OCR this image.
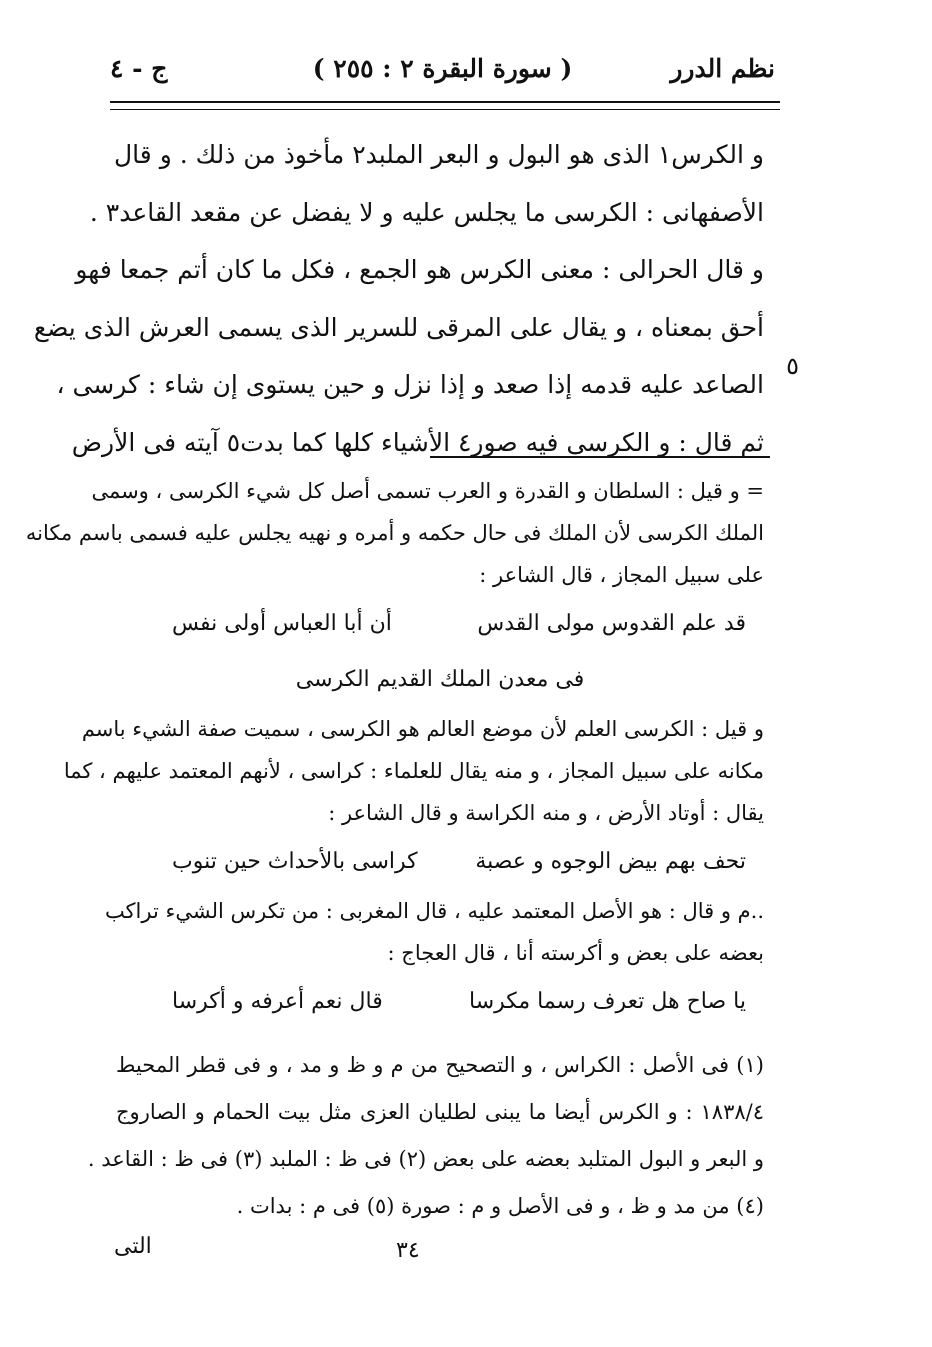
نظم الدرر
( سورة البقرة ٢ : ٢٥٥ )
ج - ٤
و الكرس١ الذى هو البول و البعر الملبد٢ مأخوذ من ذلك . و قال
الأصفهانى : الكرسى ما يجلس عليه و لا يفضل عن مقعد القاعد٣ .
و قال الحرالى : معنى الكرس هو الجمع ، فكل ما كان أتم جمعا فهو
أحق بمعناه ، و يقال على المرقى للسرير الذى يسمى العرش الذى يضع
الصاعد عليه قدمه إذا صعد و إذا نزل و حين يستوى إن شاء : كرسى ،
ثم قال : و الكرسى فيه صور٤ الأشياء كلها كما بدت٥ آيته فى الأرض
٥
= و قيل : السلطان و القدرة و العرب تسمى أصل كل شيء الكرسى ، وسمى
الملك الكرسى لأن الملك فى حال حكمه و أمره و نهيه يجلس عليه فسمى باسم مكانه
على سبيل المجاز ، قال الشاعر :
قد علم القدوس مولى القدس
أن أبا العباس أولى نفس
فى معدن الملك القديم الكرسى
و قيل : الكرسى العلم لأن موضع العالم هو الكرسى ، سميت صفة الشيء باسم
مكانه على سبيل المجاز ، و منه يقال للعلماء : كراسى ، لأنهم المعتمد عليهم ، كما
يقال : أوتاد الأرض ، و منه الكراسة و قال الشاعر :
تحف بهم بيض الوجوه و عصبة
كراسى بالأحداث حين تنوب
..م و قال : هو الأصل المعتمد عليه ، قال المغربى : من تكرس الشيء تراكب
بعضه على بعض و أكرسته أنا ، قال العجاج :
يا صاح هل تعرف رسما مكرسا
قال نعم أعرفه و أكرسا
(١) فى الأصل : الكراس ، و التصحيح من م و ظ و مد ، و فى قطر المحيط
١٨٣٨/٤ : و الكرس أيضا ما يبنى لطليان العزى مثل بيت الحمام و الصاروج
و البعر و البول المتلبد بعضه على بعض (٢) فى ظ : الملبد (٣) فى ظ : القاعد .
(٤) من مد و ظ ، و فى الأصل و م : صورة (٥) فى م : بدات .
٣٤
التى
